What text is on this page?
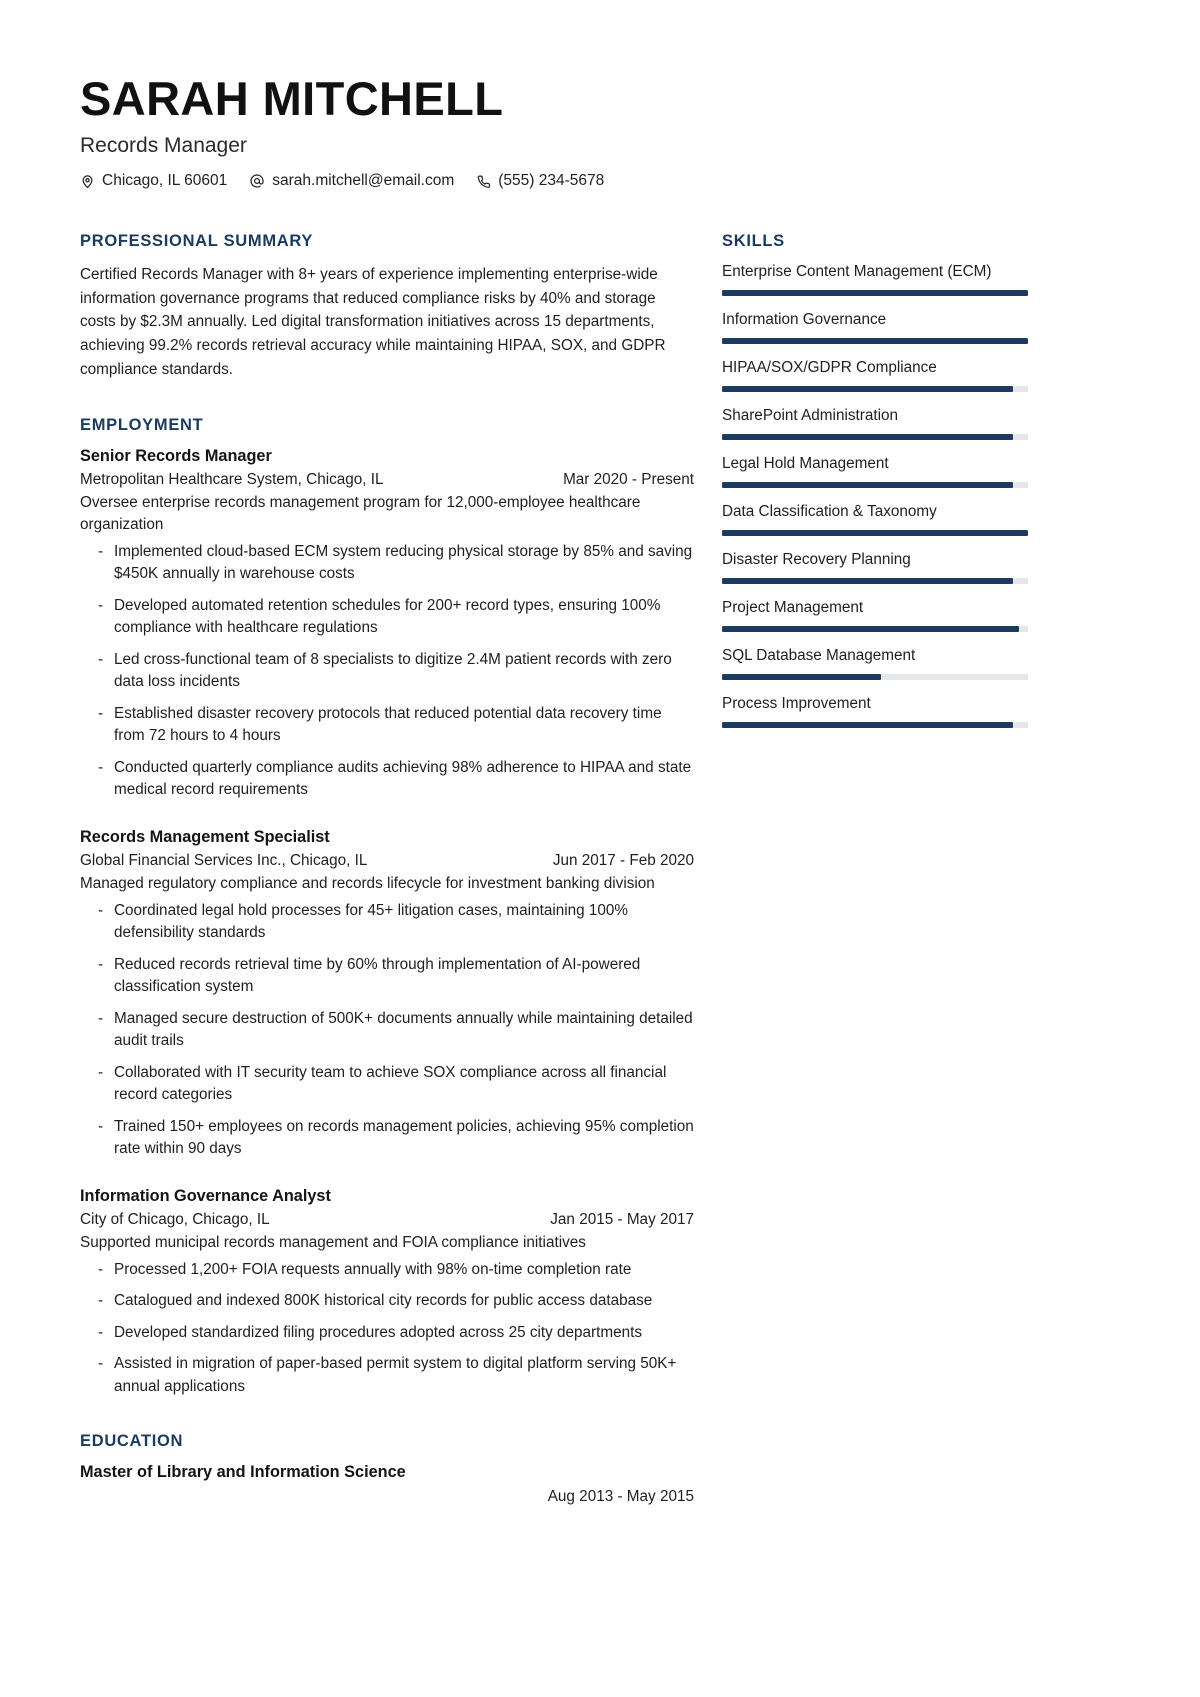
SARAH MITCHELL
Records Manager
Chicago, IL 60601	sarah.mitchell@email.com	(555) 234-5678
PROFESSIONAL SUMMARY
Certified Records Manager with 8+ years of experience implementing enterprise-wide information governance programs that reduced compliance risks by 40% and storage costs by $2.3M annually. Led digital transformation initiatives across 15 departments, achieving 99.2% records retrieval accuracy while maintaining HIPAA, SOX, and GDPR compliance standards.
EMPLOYMENT
Senior Records Manager
Metropolitan Healthcare System, Chicago, IL	Mar 2020 - Present
Oversee enterprise records management program for 12,000-employee healthcare organization
- Implemented cloud-based ECM system reducing physical storage by 85% and saving $450K annually in warehouse costs
- Developed automated retention schedules for 200+ record types, ensuring 100% compliance with healthcare regulations
- Led cross-functional team of 8 specialists to digitize 2.4M patient records with zero data loss incidents
- Established disaster recovery protocols that reduced potential data recovery time from 72 hours to 4 hours
- Conducted quarterly compliance audits achieving 98% adherence to HIPAA and state medical record requirements
Records Management Specialist
Global Financial Services Inc., Chicago, IL	Jun 2017 - Feb 2020
Managed regulatory compliance and records lifecycle for investment banking division
- Coordinated legal hold processes for 45+ litigation cases, maintaining 100% defensibility standards
- Reduced records retrieval time by 60% through implementation of AI-powered classification system
- Managed secure destruction of 500K+ documents annually while maintaining detailed audit trails
- Collaborated with IT security team to achieve SOX compliance across all financial record categories
- Trained 150+ employees on records management policies, achieving 95% completion rate within 90 days
Information Governance Analyst
City of Chicago, Chicago, IL	Jan 2015 - May 2017
Supported municipal records management and FOIA compliance initiatives
- Processed 1,200+ FOIA requests annually with 98% on-time completion rate
- Catalogued and indexed 800K historical city records for public access database
- Developed standardized filing procedures adopted across 25 city departments
- Assisted in migration of paper-based permit system to digital platform serving 50K+ annual applications
EDUCATION
Master of Library and Information Science
Aug 2013 - May 2015
SKILLS
Enterprise Content Management (ECM)
Information Governance
HIPAA/SOX/GDPR Compliance
SharePoint Administration
Legal Hold Management
Data Classification & Taxonomy
Disaster Recovery Planning
Project Management
SQL Database Management
Process Improvement
